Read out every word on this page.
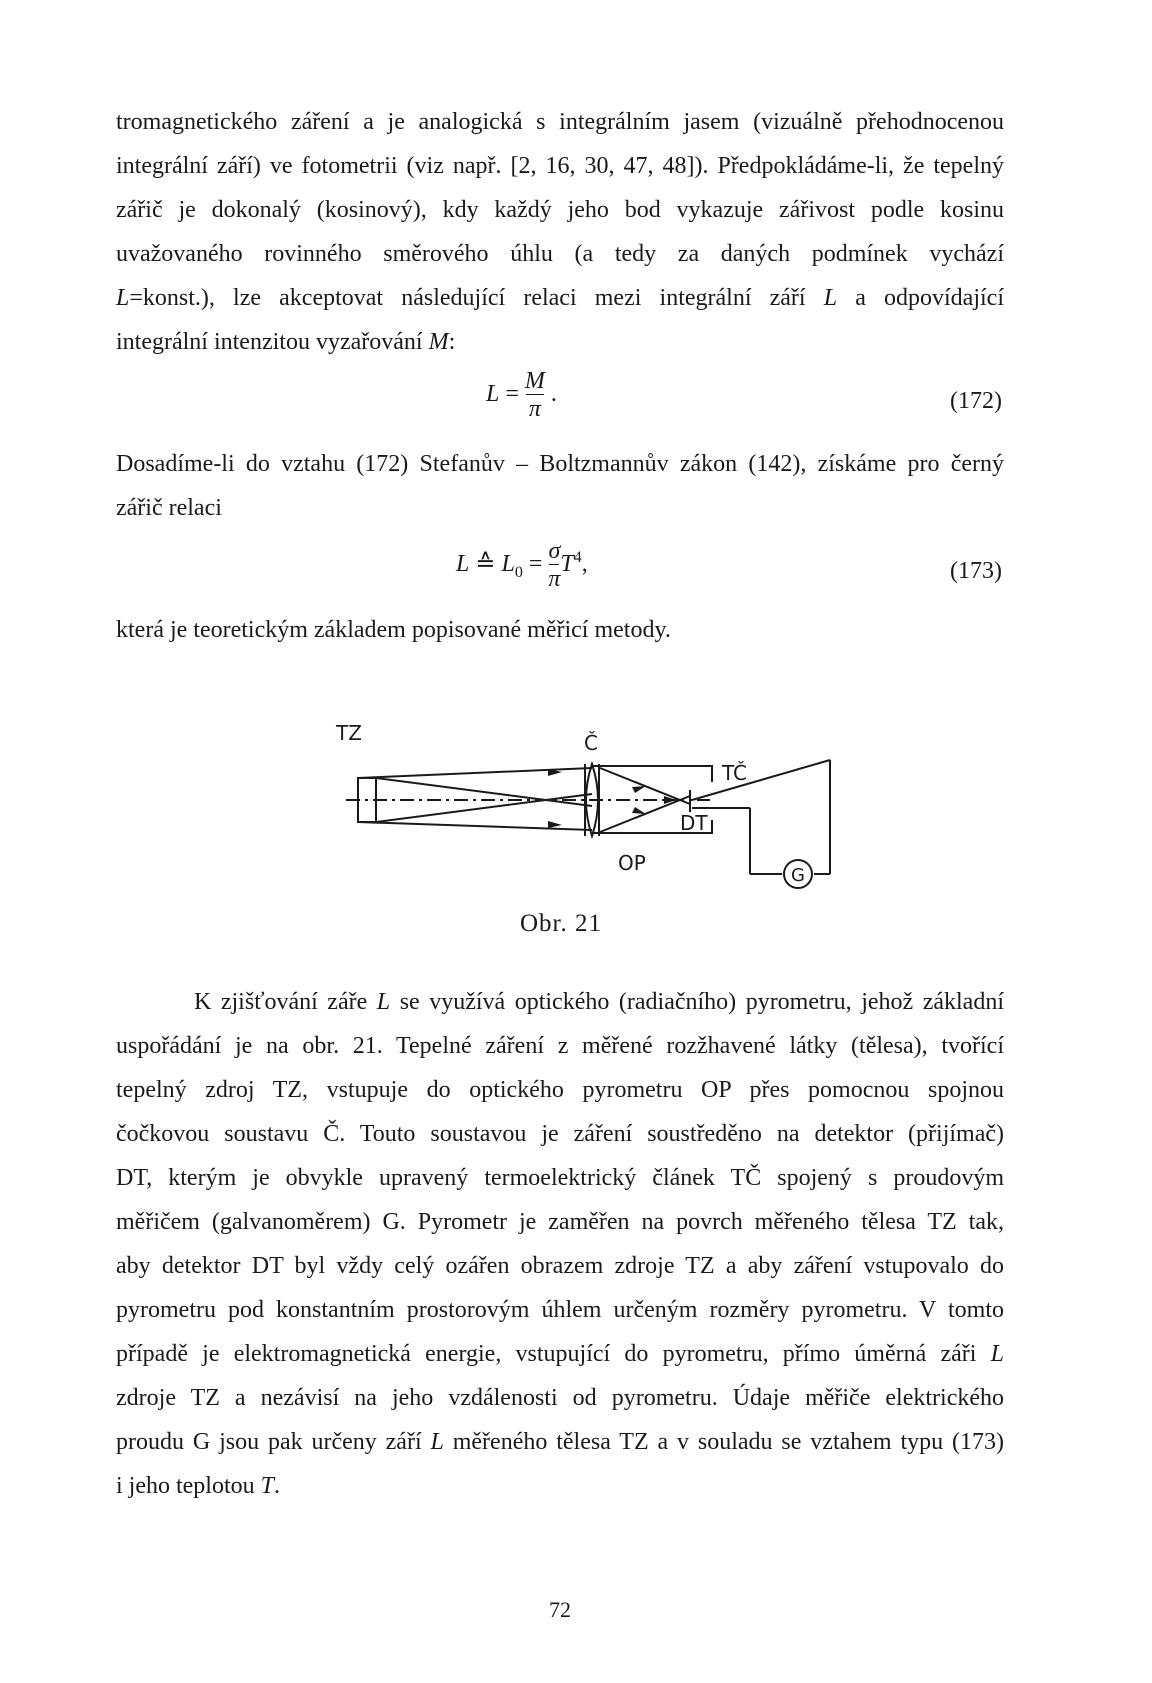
tromagnetického záření a je analogická s integrálním jasem (vizuálně přehodnocenou
integrální září) ve fotometrii (viz např. [2, 16, 30, 47, 48]). Předpokládáme-li, že tepelný
zářič je dokonalý (kosinový), kdy každý jeho bod vykazuje zářivost podle kosinu
uvažovaného rovinného směrového úhlu (a tedy za daných podmínek vychází
L=konst.), lze akceptovat následující relaci mezi integrální září L a odpovídající
integrální intenzitou vyzařování M:
$L = \frac{M}{\pi}$ .	(172)
Dosadíme-li do vztahu (172) Stefanův – Boltzmannův zákon (142), získáme pro černý
zářič relaci
L ≙ $L_0 = \frac{\sigma}{\pi} T^4$,	(173)
která je teoretickým základem popisované měřicí metody.
TZ	Č
TČ
DT
OP
G
Obr. 21
K zjišťování záře L se využívá optického (radiačního) pyrometru, jehož základní
uspořádání je na obr. 21. Tepelné záření z měřené rozžhavené látky (tělesa), tvořící
tepelný zdroj TZ, vstupuje do optického pyrometru OP přes pomocnou spojnou
čočkovou soustavu Č. Touto soustavou je záření soustředěno na detektor (přijímač)
DT, kterým je obvykle upravený termoelektrický článek TČ spojený s proudovým
měřičem (galvanoměrem) G. Pyrometr je zaměřen na povrch měřeného tělesa TZ tak,
aby detektor DT byl vždy celý ozářen obrazem zdroje TZ a aby záření vstupovalo do
pyrometru pod konstantním prostorovým úhlem určeným rozměry pyrometru. V tomto
případě je elektromagnetická energie, vstupující do pyrometru, přímo úměrná záři L
zdroje TZ a nezávisí na jeho vzdálenosti od pyrometru. Údaje měřiče elektrického
proudu G jsou pak určeny září L měřeného tělesa TZ a v souladu se vztahem typu (173)
i jeho teplotou T.
72
